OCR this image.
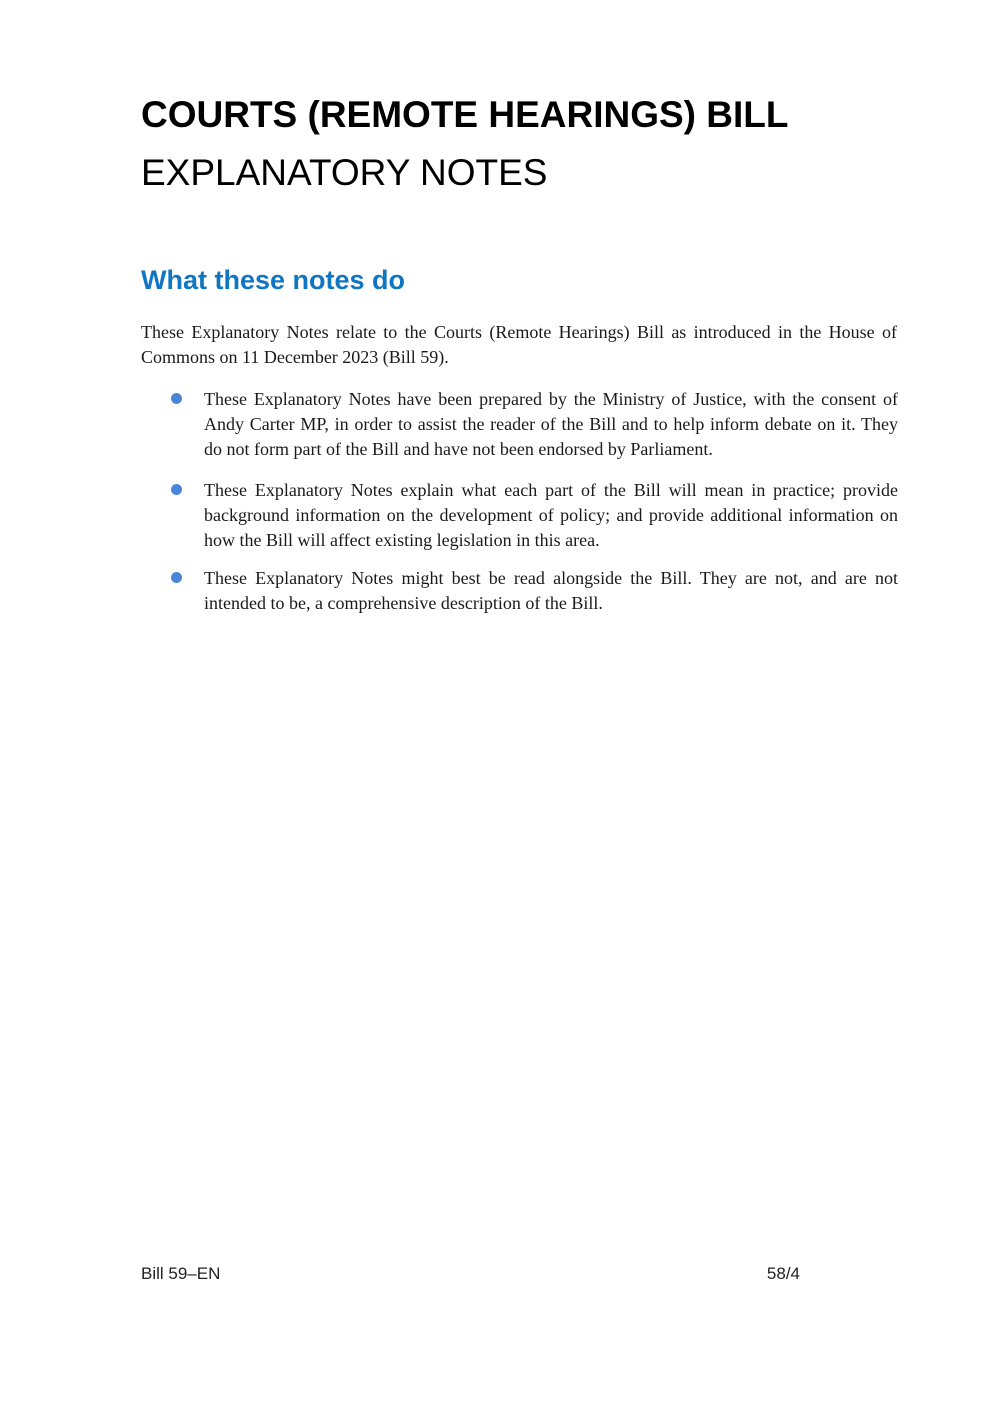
COURTS (REMOTE HEARINGS) BILL
EXPLANATORY NOTES
What these notes do
These Explanatory Notes relate to the Courts (Remote Hearings) Bill as introduced in the House of
Commons on 11 December 2023 (Bill 59).
These Explanatory Notes have been prepared by the Ministry of Justice, with the consent of
Andy Carter MP, in order to assist the reader of the Bill and to help inform debate on it. They
do not form part of the Bill and have not been endorsed by Parliament.
These Explanatory Notes explain what each part of the Bill will mean in practice; provide
background information on the development of policy; and provide additional information on
how the Bill will affect existing legislation in this area.
These Explanatory Notes might best be read alongside the Bill. They are not, and are not
intended to be, a comprehensive description of the Bill.
Bill 59–EN	58/4
